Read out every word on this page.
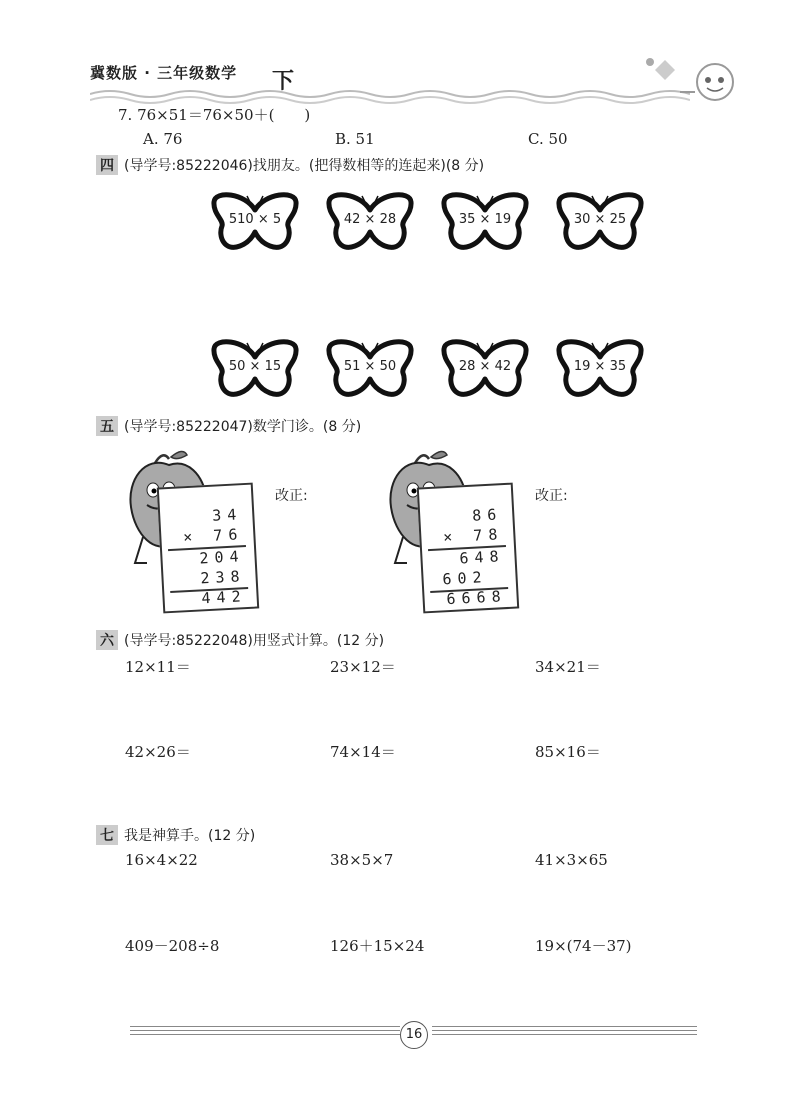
冀数版 · 三年级数学 下
7. 76×51＝76×50＋(　　)
A. 76	B. 51	C. 50
四 (导学号:85222046)找朋友。(把得数相等的连起来)(8 分)
510 × 5	42 × 28	35 × 19	30 × 25
50 × 15	51 × 50	28 × 42	19 × 35
五 (导学号:85222047)数学门诊。(8 分)
34
× 76
204
238
442
改正:
86
× 78
648
602
6668
改正:
六 (导学号:85222048)用竖式计算。(12 分)
12×11＝	23×12＝	34×21＝
42×26＝	74×14＝	85×16＝
七 我是神算手。(12 分)
16×4×22	38×5×7	41×3×65
409－208÷8	126＋15×24	19×(74－37)
16
